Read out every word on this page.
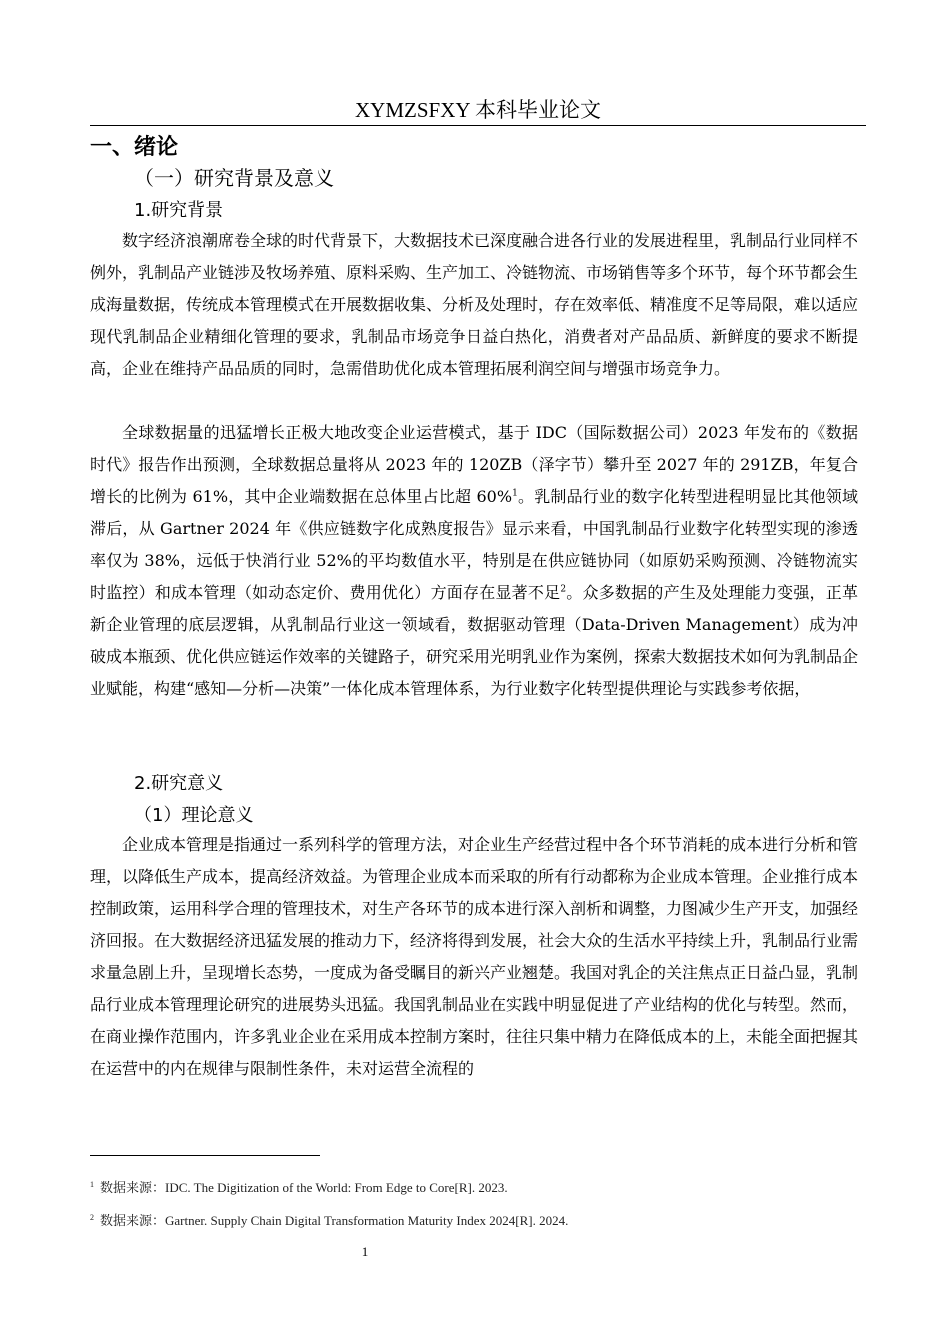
XYMZSFXY 本科毕业论文
一、绪论
（一）研究背景及意义
1.研究背景

数字经济浪潮席卷全球的时代背景下，大数据技术已深度融合进各行业的发展进程里，乳制品行业同样不例外，乳制品产业链涉及牧场养殖、原料采购、生产加工、冷链物流、市场销售等多个环节，每个环节都会生成海量数据，传统成本管理模式在开展数据收集、分析及处理时，存在效率低、精准度不足等局限，难以适应现代乳制品企业精细化管理的要求，乳制品市场竞争日益白热化，消费者对产品品质、新鲜度的要求不断提高，企业在维持产品品质的同时，急需借助优化成本管理拓展利润空间与增强市场竞争力。

全球数据量的迅猛增长正极大地改变企业运营模式，基于 IDC（国际数据公司）2023 年发布的《数据时代》报告作出预测，全球数据总量将从 2023 年的 120ZB（泽字节）攀升至 2027 年的 291ZB，年复合增长的比例为 61%，其中企业端数据在总体里占比超 60%$^1$。乳制品行业的数字化转型进程明显比其他领域滞后，从 Gartner 2024 年《供应链数字化成熟度报告》显示来看，中国乳制品行业数字化转型实现的渗透率仅为 38%，远低于快消行业 52%的平均数值水平，特别是在供应链协同（如原奶采购预测、冷链物流实时监控）和成本管理（如动态定价、费用优化）方面存在显著不足$^2$。众多数据的产生及处理能力变强，正革新企业管理的底层逻辑，从乳制品行业这一领域看，数据驱动管理（Data-Driven Management）成为冲破成本瓶颈、优化供应链运作效率的关键路子，研究采用光明乳业作为案例，探索大数据技术如何为乳制品企业赋能，构建“感知—分析—决策”一体化成本管理体系，为行业数字化转型提供理论与实践参考依据，

2.研究意义
（1）理论意义

企业成本管理是指通过一系列科学的管理方法，对企业生产经营过程中各个环节消耗的成本进行分析和管理，以降低生产成本，提高经济效益。为管理企业成本而采取的所有行动都称为企业成本管理。企业推行成本控制政策，运用科学合理的管理技术，对生产各环节的成本进行深入剖析和调整，力图减少生产开支，加强经济回报。在大数据经济迅猛发展的推动力下，经济将得到发展，社会大众的生活水平持续上升，乳制品行业需求量急剧上升，呈现增长态势，一度成为备受瞩目的新兴产业翘楚。我国对乳企的关注焦点正日益凸显，乳制品行业成本管理理论研究的进展势头迅猛。我国乳制品业在实践中明显促进了产业结构的优化与转型。然而，在商业操作范围内，许多乳业企业在采用成本控制方案时，往往只集中精力在降低成本的上，未能全面把握其在运营中的内在规律与限制性条件，未对运营全流程的

$^1$ 数据来源：IDC. The Digitization of the World: From Edge to Core[R]. 2023.
$^2$ 数据来源：Gartner. Supply Chain Digital Transformation Maturity Index 2024[R]. 2024.
1
